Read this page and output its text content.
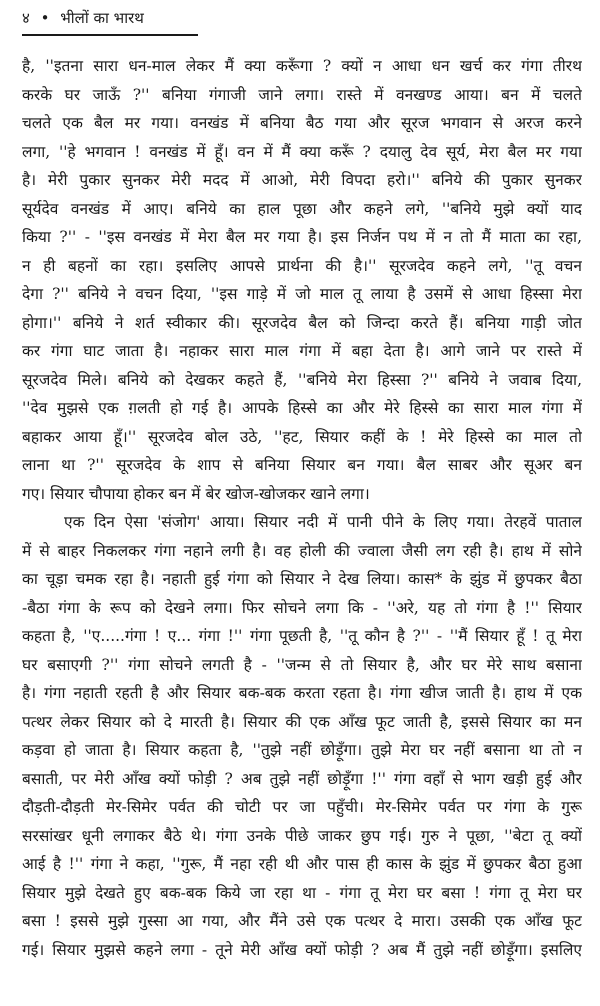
४ • भीलों का भारथ
है, ''इतना सारा धन-माल लेकर मैं क्या करूँगा ? क्यों न आधा धन खर्च कर गंगा तीरथ
करके घर जाऊँ ?'' बनिया गंगाजी जाने लगा। रास्ते में वनखण्ड आया। बन में चलते
चलते एक बैल मर गया। वनखंड में बनिया बैठ गया और सूरज भगवान से अरज करने
लगा, ''हे भगवान ! वनखंड में हूँ। वन में मैं क्या करूँ ? दयालु देव सूर्य, मेरा बैल मर गया
है। मेरी पुकार सुनकर मेरी मदद में आओ, मेरी विपदा हरो।'' बनिये की पुकार सुनकर
सूर्यदेव वनखंड में आए। बनिये का हाल पूछा और कहने लगे, ''बनिये मुझे क्यों याद
किया ?'' - ''इस वनखंड में मेरा बैल मर गया है। इस निर्जन पथ में न तो मैं माता का रहा,
न ही बहनों का रहा। इसलिए आपसे प्रार्थना की है।'' सूरजदेव कहने लगे, ''तू वचन
देगा ?'' बनिये ने वचन दिया, ''इस गाड़े में जो माल तू लाया है उसमें से आधा हिस्सा मेरा
होगा।'' बनिये ने शर्त स्वीकार की। सूरजदेव बैल को जिन्दा करते हैं। बनिया गाड़ी जोत
कर गंगा घाट जाता है। नहाकर सारा माल गंगा में बहा देता है। आगे जाने पर रास्ते में
सूरजदेव मिले। बनिये को देखकर कहते हैं, ''बनिये मेरा हिस्सा ?'' बनिये ने जवाब दिया,
''देव मुझसे एक ग़लती हो गई है। आपके हिस्से का और मेरे हिस्से का सारा माल गंगा में
बहाकर आया हूँ।'' सूरजदेव बोल उठे, ''हट, सियार कहीं के ! मेरे हिस्से का माल तो
लाना था ?'' सूरजदेव के शाप से बनिया सियार बन गया। बैल साबर और सूअर बन
गए। सियार चौपाया होकर बन में बेर खोज-खोजकर खाने लगा।
एक दिन ऐसा 'संजोग' आया। सियार नदी में पानी पीने के लिए गया। तेरहवें पाताल
में से बाहर निकलकर गंगा नहाने लगी है। वह होली की ज्वाला जैसी लग रही है। हाथ में सोने
का चूड़ा चमक रहा है। नहाती हुई गंगा को सियार ने देख लिया। कास* के झुंड में छुपकर बैठा
-बैठा गंगा के रूप को देखने लगा। फिर सोचने लगा कि - ''अरे, यह तो गंगा है !'' सियार
कहता है, ''ए.....गंगा ! ए... गंगा !'' गंगा पूछती है, ''तू कौन है ?'' - ''मैं सियार हूँ ! तू मेरा
घर बसाएगी ?'' गंगा सोचने लगती है - ''जन्म से तो सियार है, और घर मेरे साथ बसाना
है। गंगा नहाती रहती है और सियार बक-बक करता रहता है। गंगा खीज जाती है। हाथ में एक
पत्थर लेकर सियार को दे मारती है। सियार की एक आँख फूट जाती है, इससे सियार का मन
कड़वा हो जाता है। सियार कहता है, ''तुझे नहीं छोड़ूँगा। तुझे मेरा घर नहीं बसाना था तो न
बसाती, पर मेरी आँख क्यों फोड़ी ? अब तुझे नहीं छोड़ूँगा !'' गंगा वहाँ से भाग खड़ी हुई और
दौड़ती-दौड़ती मेर-सिमेर पर्वत की चोटी पर जा पहुँची। मेर-सिमेर पर्वत पर गंगा के गुरू
सरसांखर धूनी लगाकर बैठे थे। गंगा उनके पीछे जाकर छुप गई। गुरु ने पूछा, ''बेटा तू क्यों
आई है !'' गंगा ने कहा, ''गुरू, मैं नहा रही थी और पास ही कास के झुंड में छुपकर बैठा हुआ
सियार मुझे देखते हुए बक-बक किये जा रहा था - गंगा तू मेरा घर बसा ! गंगा तू मेरा घर
बसा ! इससे मुझे गुस्सा आ गया, और मैंने उसे एक पत्थर दे मारा। उसकी एक आँख फूट
गई। सियार मुझसे कहने लगा - तूने मेरी आँख क्यों फोड़ी ? अब मैं तुझे नहीं छोड़ूँगा। इसलिए
